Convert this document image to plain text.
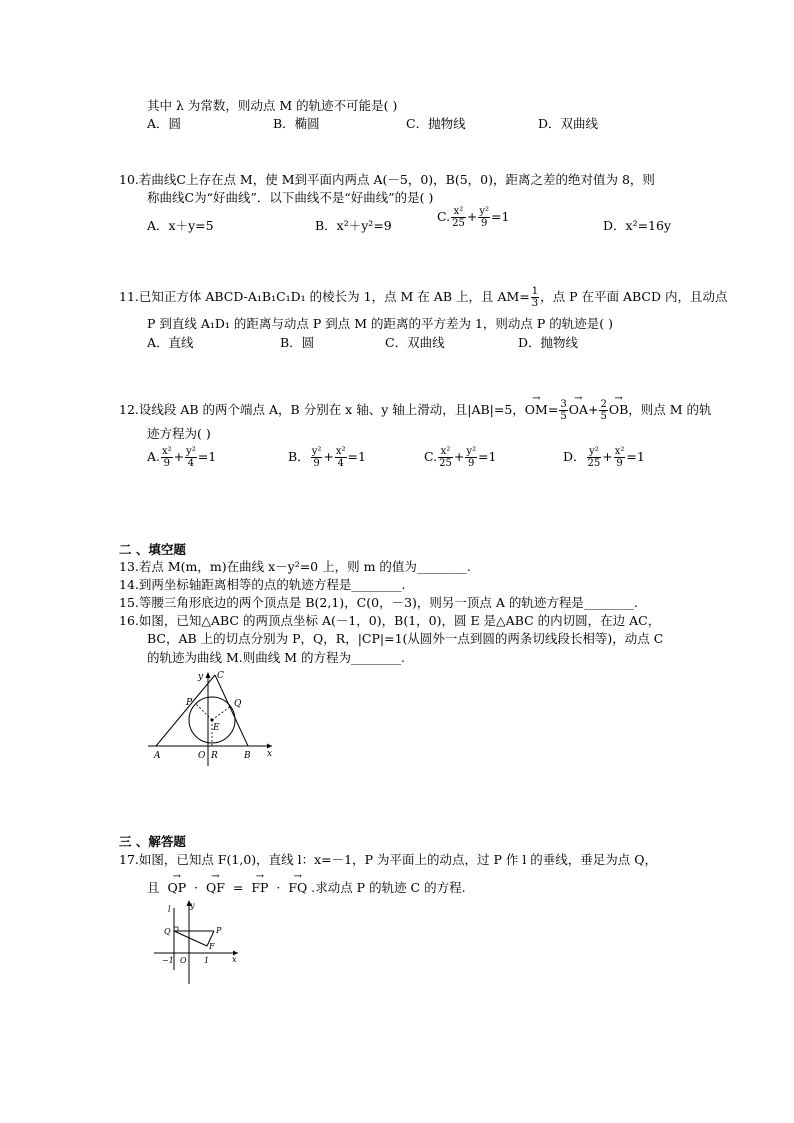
其中 λ 为常数，则动点 M 的轨迹不可能是( )
A．圆	B．椭圆	C．抛物线	D．双曲线
10.若曲线C上存在点 M，使 M到平面内两点 A(－5，0)，B(5，0)，距离之差的绝对值为 8，则
称曲线C为“好曲线”．以下曲线不是“好曲线”的是( )
A．x＋y=5	B．x²＋y²=9
C. $\frac{\text{x²}}{25} + \frac{\text{y²}}{9} =1$
D．x²=16y
11.已知正方体 ABCD-A₁B₁C₁D₁ 的棱长为 1，点 M 在 AB 上，且 $AM= \frac{1}{3}$ ，点 P 在平面 ABCD 内，且动点
P 到直线 A₁D₁ 的距离与动点 P 到点 M 的距离的平方差为 1，则动点 P 的轨迹是( )
A．直线	B．圆	C．双曲线	D．抛物线
12.设线段 AB 的两个端点 A，B 分别在 x 轴、y 轴上滑动，且|AB|=5，→ $OM= \frac{3}{5}$
→ $OA+ \frac{2}{5}$
→ OB，则点 M 的轨
迹方程为( )
A. $\frac{\text{x²}}{9} + \frac{\text{y²}}{4} =1$	B． $\frac{\text{y²}}{9} + \frac{\text{x²}}{4} =1$	C. $\frac{\text{x²}}{25} + \frac{\text{y²}}{9} =1$	D． $\frac{\text{y²}}{25} + \frac{\text{x²}}{9} =1$
二 、填空题
13.若点 M(m，m)在曲线 x－y²=0 上，则 m 的值为________.
14.到两坐标轴距离相等的点的轨迹方程是________.
15.等腰三角形底边的两个顶点是 B(2,1)，C(0，－3)，则另一顶点 A 的轨迹方程是________.
16.如图，已知△ABC 的两顶点坐标 A(－1，0)，B(1，0)，圆 E 是△ABC 的内切圆，在边 AC，
BC，AB 上的切点分别为 P，Q，R，|CP|=1(从圆外一点到圆的两条切线段长相等)，动点 C
的轨迹为曲线 M.则曲线 M 的方程为________.
y C
P	Q
E
A	O R	B x
三 、解答题
17.如图，已知点 F(1,0)，直线 l：x=－1，P 为平面上的动点，过 P 作 l 的垂线，垂足为点 Q，
且  → QP ·  → QF =  → FP ·  → FQ .求动点 P 的轨迹 C 的方程.
y
l
Q	P
F
−1 O 1	x
